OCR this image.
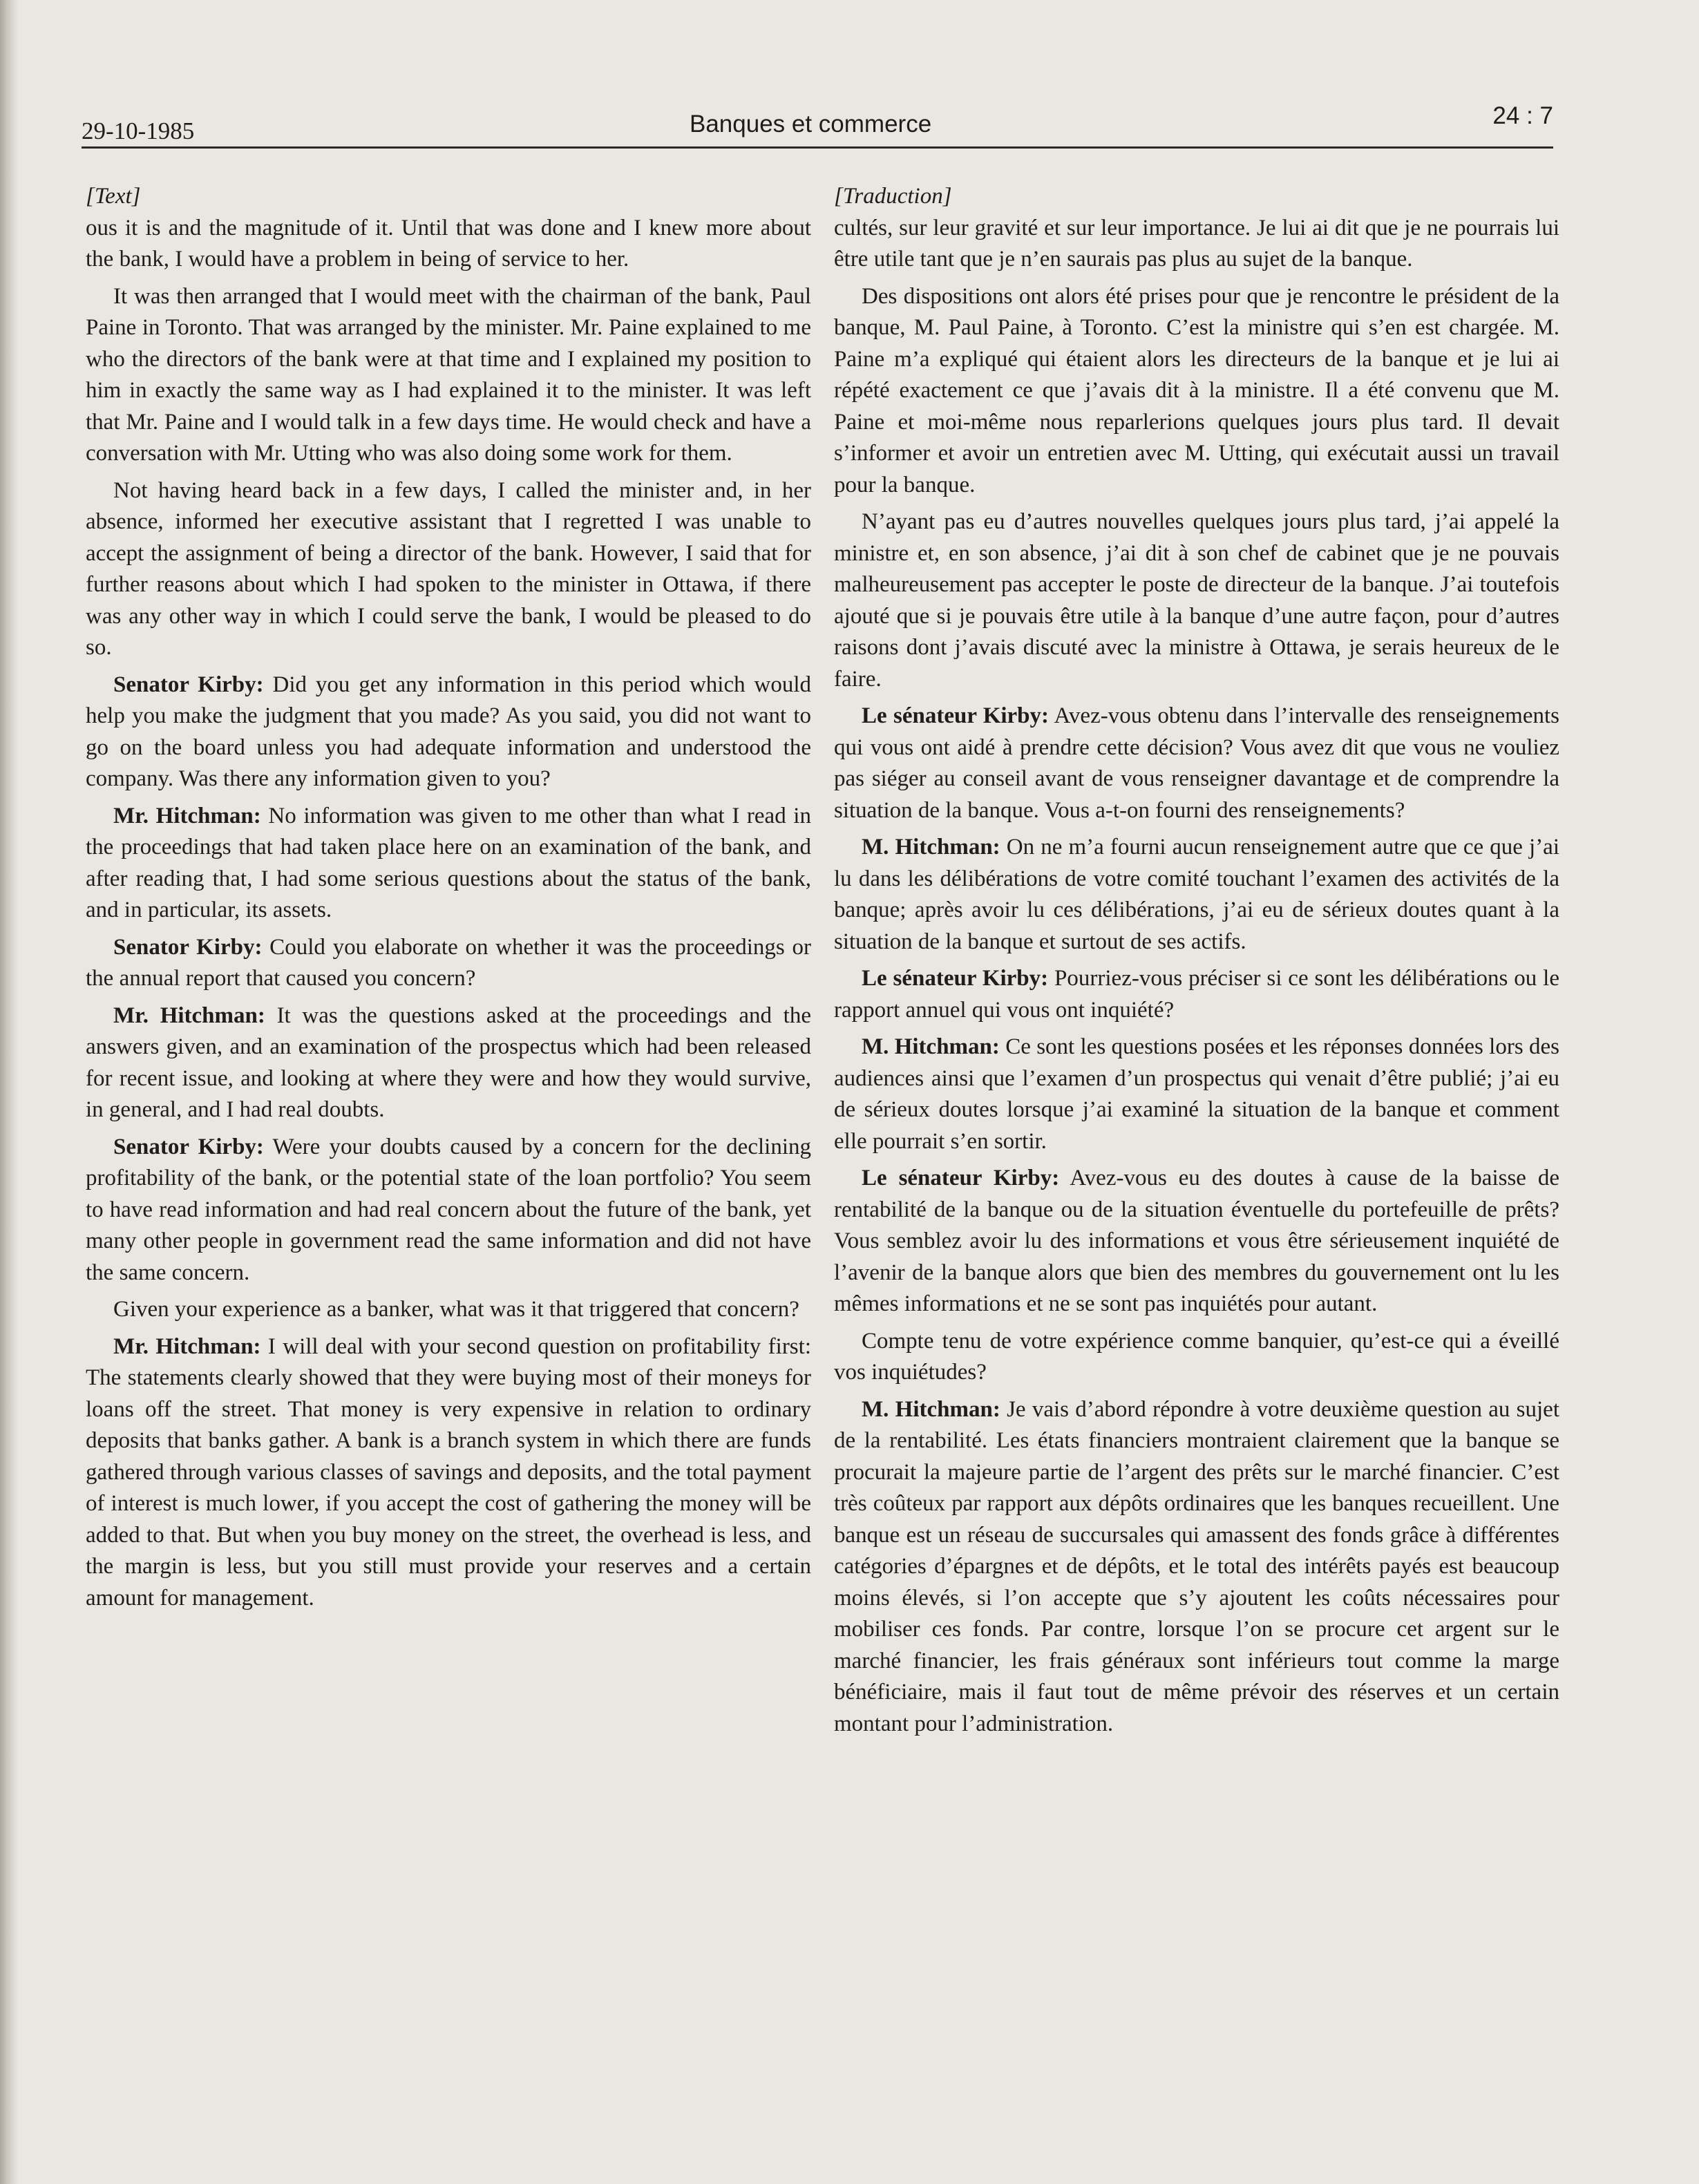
29-10-1985	Banques et commerce	24 : 7
[Text]

ous it is and the magnitude of it. Until that was done and I knew more about the bank, I would have a problem in being of service to her.

It was then arranged that I would meet with the chairman of the bank, Paul Paine in Toronto. That was arranged by the minister. Mr. Paine explained to me who the directors of the bank were at that time and I explained my position to him in exactly the same way as I had explained it to the minister. It was left that Mr. Paine and I would talk in a few days time. He would check and have a conversation with Mr. Utting who was also doing some work for them.

Not having heard back in a few days, I called the minister and, in her absence, informed her executive assistant that I regretted I was unable to accept the assignment of being a director of the bank. However, I said that for further reasons about which I had spoken to the minister in Ottawa, if there was any other way in which I could serve the bank, I would be pleased to do so.

Senator Kirby: Did you get any information in this period which would help you make the judgment that you made? As you said, you did not want to go on the board unless you had adequate information and understood the company. Was there any information given to you?

Mr. Hitchman: No information was given to me other than what I read in the proceedings that had taken place here on an examination of the bank, and after reading that, I had some serious questions about the status of the bank, and in particular, its assets.

Senator Kirby: Could you elaborate on whether it was the proceedings or the annual report that caused you concern?

Mr. Hitchman: It was the questions asked at the proceedings and the answers given, and an examination of the prospectus which had been released for recent issue, and looking at where they were and how they would survive, in general, and I had real doubts.

Senator Kirby: Were your doubts caused by a concern for the declining profitability of the bank, or the potential state of the loan portfolio? You seem to have read information and had real concern about the future of the bank, yet many other people in government read the same information and did not have the same concern.

Given your experience as a banker, what was it that triggered that concern?

Mr. Hitchman: I will deal with your second question on profitability first: The statements clearly showed that they were buying most of their moneys for loans off the street. That money is very expensive in relation to ordinary deposits that banks gather. A bank is a branch system in which there are funds gathered through various classes of savings and deposits, and the total payment of interest is much lower, if you accept the cost of gathering the money will be added to that. But when you buy money on the street, the overhead is less, and the margin is less, but you still must provide your reserves and a certain amount for management.

[Traduction]

cultés, sur leur gravité et sur leur importance. Je lui ai dit que je ne pourrais lui être utile tant que je n’en saurais pas plus au sujet de la banque.

Des dispositions ont alors été prises pour que je rencontre le président de la banque, M. Paul Paine, à Toronto. C’est la ministre qui s’en est chargée. M. Paine m’a expliqué qui étaient alors les directeurs de la banque et je lui ai répété exactement ce que j’avais dit à la ministre. Il a été convenu que M. Paine et moi-même nous reparlerions quelques jours plus tard. Il devait s’informer et avoir un entretien avec M. Utting, qui exécutait aussi un travail pour la banque.

N’ayant pas eu d’autres nouvelles quelques jours plus tard, j’ai appelé la ministre et, en son absence, j’ai dit à son chef de cabinet que je ne pouvais malheureusement pas accepter le poste de directeur de la banque. J’ai toutefois ajouté que si je pouvais être utile à la banque d’une autre façon, pour d’autres raisons dont j’avais discuté avec la ministre à Ottawa, je serais heureux de le faire.

Le sénateur Kirby: Avez-vous obtenu dans l’intervalle des renseignements qui vous ont aidé à prendre cette décision? Vous avez dit que vous ne vouliez pas siéger au conseil avant de vous renseigner davantage et de comprendre la situation de la banque. Vous a-t-on fourni des renseignements?

M. Hitchman: On ne m’a fourni aucun renseignement autre que ce que j’ai lu dans les délibérations de votre comité touchant l’examen des activités de la banque; après avoir lu ces délibérations, j’ai eu de sérieux doutes quant à la situation de la banque et surtout de ses actifs.

Le sénateur Kirby: Pourriez-vous préciser si ce sont les délibérations ou le rapport annuel qui vous ont inquiété?

M. Hitchman: Ce sont les questions posées et les réponses données lors des audiences ainsi que l’examen d’un prospectus qui venait d’être publié; j’ai eu de sérieux doutes lorsque j’ai examiné la situation de la banque et comment elle pourrait s’en sortir.

Le sénateur Kirby: Avez-vous eu des doutes à cause de la baisse de rentabilité de la banque ou de la situation éventuelle du portefeuille de prêts? Vous semblez avoir lu des informations et vous être sérieusement inquiété de l’avenir de la banque alors que bien des membres du gouvernement ont lu les mêmes informations et ne se sont pas inquiétés pour autant.

Compte tenu de votre expérience comme banquier, qu’est-ce qui a éveillé vos inquiétudes?

M. Hitchman: Je vais d’abord répondre à votre deuxième question au sujet de la rentabilité. Les états financiers montraient clairement que la banque se procurait la majeure partie de l’argent des prêts sur le marché financier. C’est très coûteux par rapport aux dépôts ordinaires que les banques recueillent. Une banque est un réseau de succursales qui amassent des fonds grâce à différentes catégories d’épargnes et de dépôts, et le total des intérêts payés est beaucoup moins élevés, si l’on accepte que s’y ajoutent les coûts nécessaires pour mobiliser ces fonds. Par contre, lorsque l’on se procure cet argent sur le marché financier, les frais généraux sont inférieurs tout comme la marge bénéficiaire, mais il faut tout de même prévoir des réserves et un certain montant pour l’administration.
